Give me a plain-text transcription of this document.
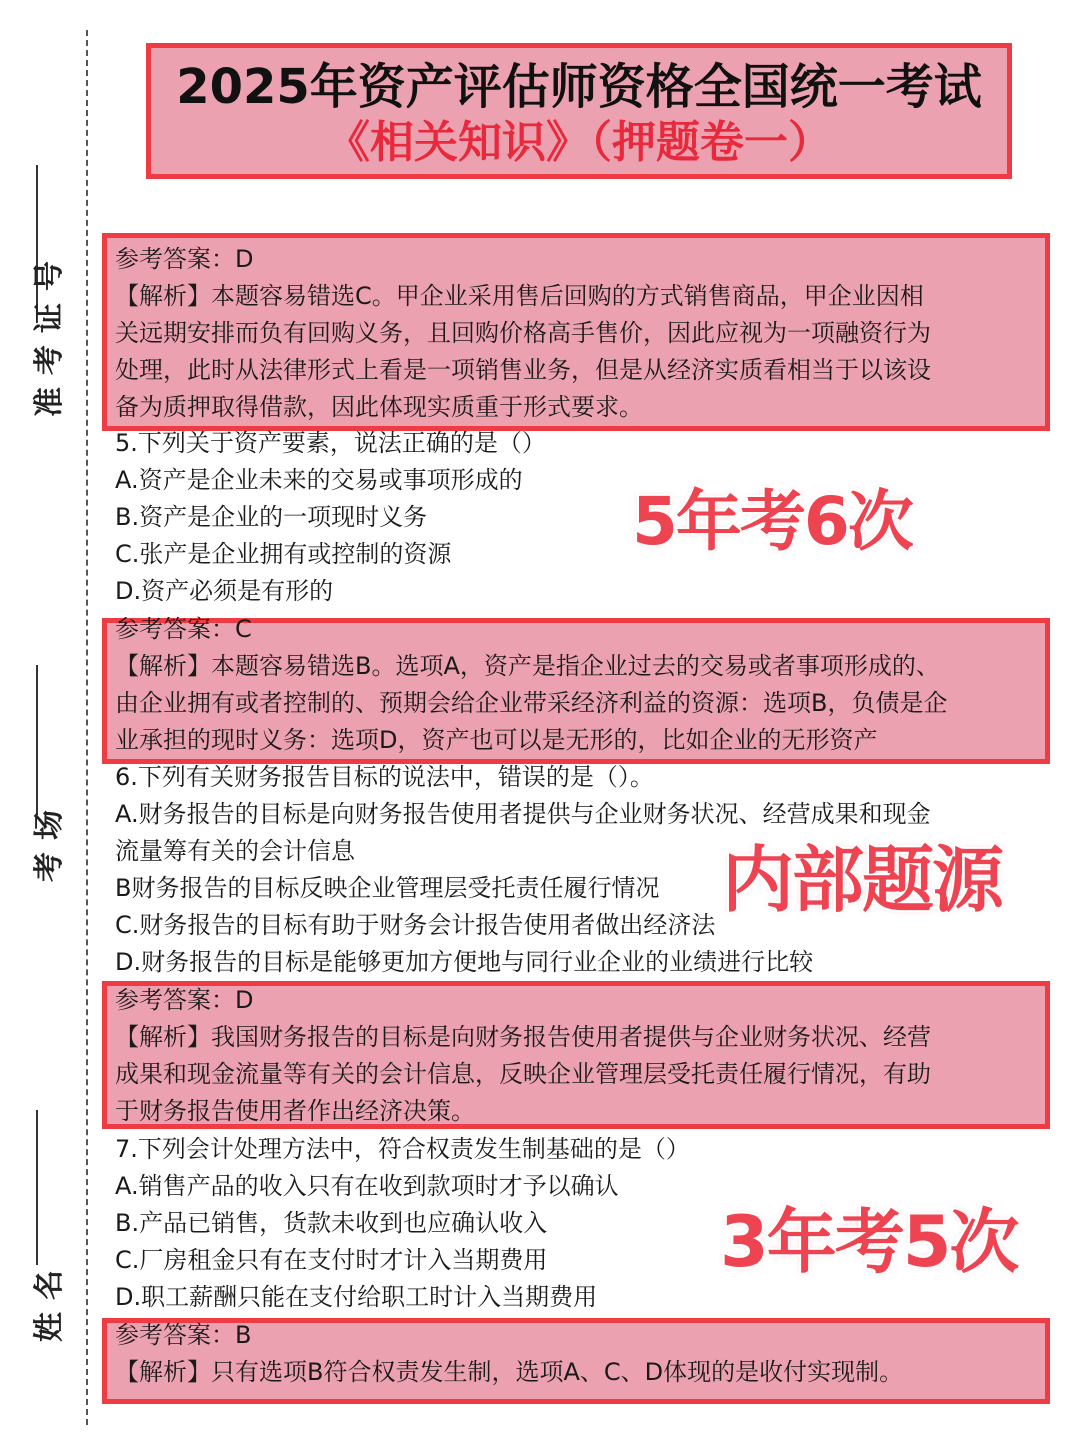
准考证号
考场
姓名
2025年资产评估师资格全国统一考试
《相关知识》（押题卷一）
参考答案：D
【解析】本题容易错选C。甲企业采用售后回购的方式销售商品，甲企业因相
关远期安排而负有回购义务，且回购价格高手售价，因此应视为一项融资行为
处理，此时从法律形式上看是一项销售业务，但是从经济实质看相当于以该设
备为质押取得借款，因此体现实质重于形式要求。
5.下列关于资产要素，说法正确的是（）
A.资产是企业未来的交易或事项形成的
B.资产是企业的一项现时义务
C.张产是企业拥有或控制的资源
D.资产必须是有形的
参考答案：C
【解析】本题容易错选B。选项A，资产是指企业过去的交易或者事项形成的、
由企业拥有或者控制的、预期会给企业带采经济利益的资源：选项B，负债是企
业承担的现时义务：选项D，资产也可以是无形的，比如企业的无形资产
6.下列有关财务报告目标的说法中，错误的是（）。
A.财务报告的目标是向财务报告使用者提供与企业财务状况、经营成果和现金
流量筹有关的会计信息
B财务报告的目标反映企业管理层受托责任履行情况
C.财务报告的目标有助于财务会计报告使用者做出经济法
D.财务报告的目标是能够更加方便地与同行业企业的业绩进行比较
参考答案：D
【解析】我国财务报告的目标是向财务报告使用者提供与企业财务状况、经营
成果和现金流量等有关的会计信息，反映企业管理层受托责任履行情况，有助
于财务报告使用者作出经济决策。
7.下列会计处理方法中，符合权责发生制基础的是（）
A.销售产品的收入只有在收到款项时才予以确认
B.产品已销售，货款未收到也应确认收入
C.厂房租金只有在支付时才计入当期费用
D.职工薪酬只能在支付给职工时计入当期费用
参考答案：B
【解析】只有选项B符合权责发生制，选项A、C、D体现的是收付实现制。
5年考6次
内部题源
3年考5次
